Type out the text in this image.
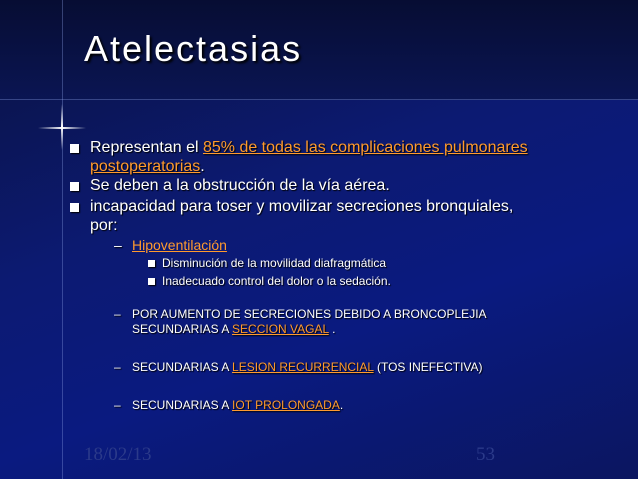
Atelectasias
Representan el 85% de todas las complicaciones pulmonares
postoperatorias.
Se deben a la obstrucción de la vía aérea.
incapacidad para toser y movilizar secreciones bronquiales,
por:
– Hipoventilación
Disminución de la movilidad diafragmática
Inadecuado control del dolor o la sedación.
– POR AUMENTO DE SECRECIONES DEBIDO A BRONCOPLEJIA
SECUNDARIAS A SECCION VAGAL .
– SECUNDARIAS A LESION RECURRENCIAL (TOS INEFECTIVA)
– SECUNDARIAS A IOT PROLONGADA.
18/02/13	53
